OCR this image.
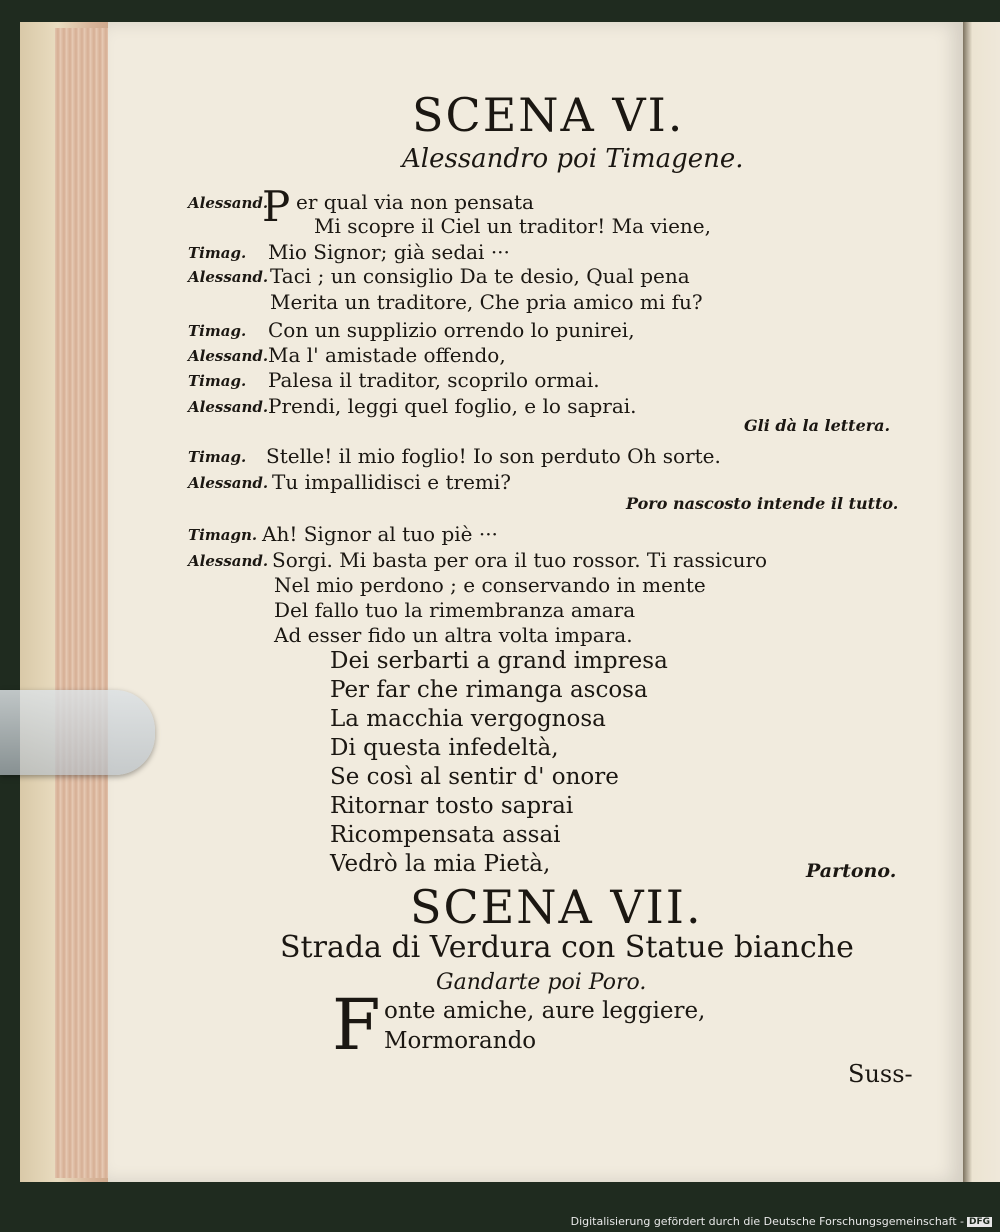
SCENA VI.
Alessandro poi Timagene.
Alessand.
P er qual via non pensata
Mi scopre il Ciel un traditor! Ma viene,
Timag. Mio Signor; già sedai ···
Alessand. Taci ; un consiglio Da te desio, Qual pena
Merita un traditore, Che pria amico mi fu?
Timag. Con un supplizio orrendo lo punirei,
Alessand. Ma l' amistade offendo,
Timag. Palesa il traditor, scoprilo ormai.
Alessand. Prendi, leggi quel foglio, e lo saprai.
Gli dà la lettera.
Timag. Stelle! il mio foglio! Io son perduto Oh sorte.
Alessand. Tu impallidisci e tremi?
Poro nascosto intende il tutto.
Timagn. Ah! Signor al tuo piè ···
Alessand. Sorgi. Mi basta per ora il tuo rossor. Ti rassicuro
Nel mio perdono ; e conservando in mente
Del fallo tuo la rimembranza amara
Ad esser fido un altra volta impara.
Dei serbarti a grand impresa
Per far che rimanga ascosa
La macchia vergognosa
Di questa infedeltà,
Se così al sentir d' onore
Ritornar tosto saprai
Ricompensata assai
Vedrò la mia Pietà,	Partono.
SCENA VII.
Strada di Verdura con Statue bianche
Gandarte poi Poro.
F onte amiche, aure leggiere,
Mormorando
Suss-
Digitalisierung gefördert durch die Deutsche Forschungsgemeinschaft - DFG
